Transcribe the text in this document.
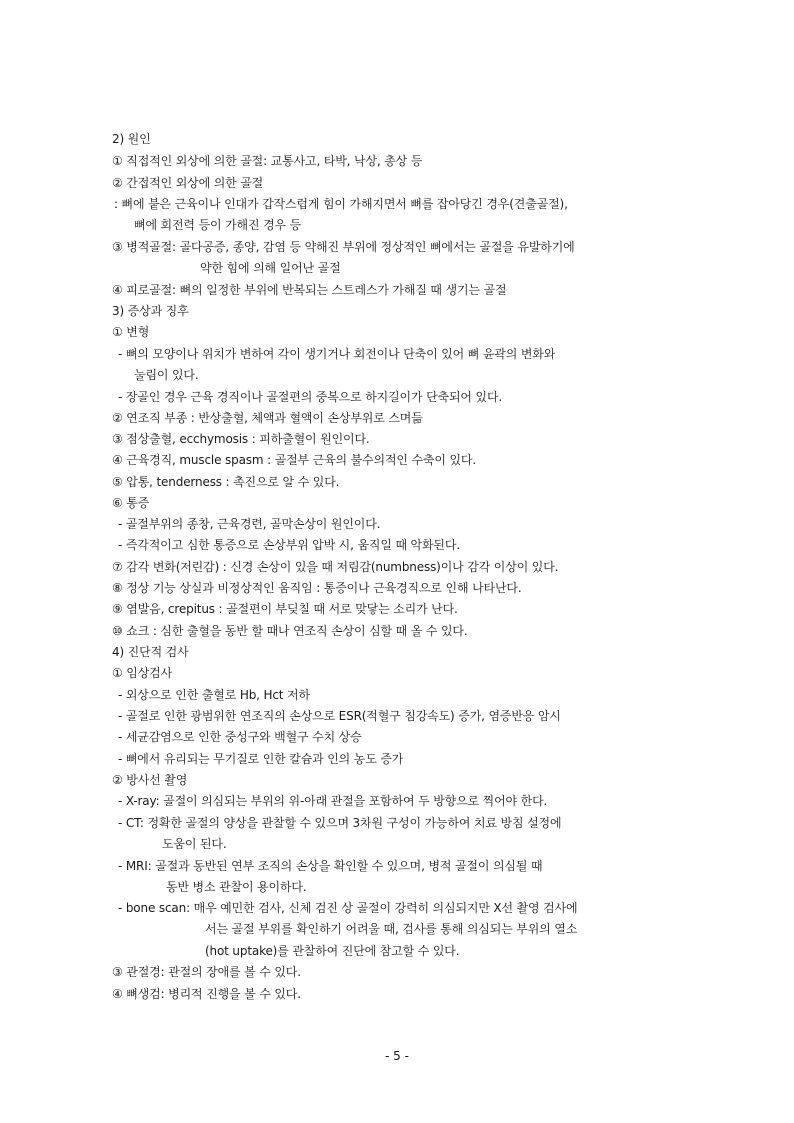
2) 원인
① 직접적인 외상에 의한 골절: 교통사고, 타박, 낙상, 총상 등
② 간접적인 외상에 의한 골절
: 뼈에 붙은 근육이나 인대가 갑작스럽게 힘이 가해지면서 뼈를 잡아당긴 경우(견출골절),
뼈에 회전력 등이 가해진 경우 등
③ 병적골절: 골다공증, 종양, 감염 등 약해진 부위에 정상적인 뼈에서는 골절을 유발하기에
약한 힘에 의해 일어난 골절
④ 피로골절: 뼈의 일정한 부위에 반복되는 스트레스가 가해질 때 생기는 골절
3) 증상과 징후
① 변형
- 뼈의 모양이나 위치가 변하여 각이 생기거나 회전이나 단축이 있어 뼈 윤곽의 변화와
눌림이 있다.
- 장골인 경우 근육 경직이나 골절편의 중복으로 하지길이가 단축되어 있다.
② 연조직 부종 : 반상출혈, 체액과 혈액이 손상부위로 스며듦
③ 점상출혈, ecchymosis : 피하출혈이 원인이다.
④ 근육경직, muscle spasm : 골절부 근육의 불수의적인 수축이 있다.
⑤ 압통, tenderness : 촉진으로 알 수 있다.
⑥ 통증
- 골절부위의 종창, 근육경련, 골막손상이 원인이다.
- 즉각적이고 심한 통증으로 손상부위 압박 시, 움직일 때 악화된다.
⑦ 감각 변화(저린감) : 신경 손상이 있을 때 저림감(numbness)이나 감각 이상이 있다.
⑧ 정상 기능 상실과 비정상적인 움직임 : 통증이나 근육경직으로 인해 나타난다.
⑨ 염발음, crepitus : 골절편이 부딪칠 때 서로 맞닿는 소리가 난다.
⑩ 쇼크 : 심한 출혈을 동반 할 때나 연조직 손상이 심할 때 올 수 있다.
4) 진단적 검사
① 임상검사
- 외상으로 인한 출혈로 Hb, Hct 저하
- 골절로 인한 광범위한 연조직의 손상으로 ESR(적혈구 침강속도) 증가, 염증반응 암시
- 세균감염으로 인한 중성구와 백혈구 수치 상승
- 뼈에서 유리되는 무기질로 인한 칼슘과 인의 농도 증가
② 방사선 촬영
- X-ray: 골절이 의심되는 부위의 위-아래 관절을 포함하여 두 방향으로 찍어야 한다.
- CT: 정확한 골절의 양상을 관찰할 수 있으며 3차원 구성이 가능하여 치료 방침 설정에
도움이 된다.
- MRI: 골절과 동반된 연부 조직의 손상을 확인할 수 있으며, 병적 골절이 의심될 때
동반 병소 관찰이 용이하다.
- bone scan: 매우 예민한 검사, 신체 검진 상 골절이 강력히 의심되지만 X선 촬영 검사에
서는 골절 부위를 확인하기 어려울 때, 검사를 통해 의심되는 부위의 열소
(hot uptake)를 관찰하여 진단에 참고할 수 있다.
③ 관절경: 관절의 장애를 볼 수 있다.
④ 뼈생검: 병리적 진행을 볼 수 있다.
- 5 -
